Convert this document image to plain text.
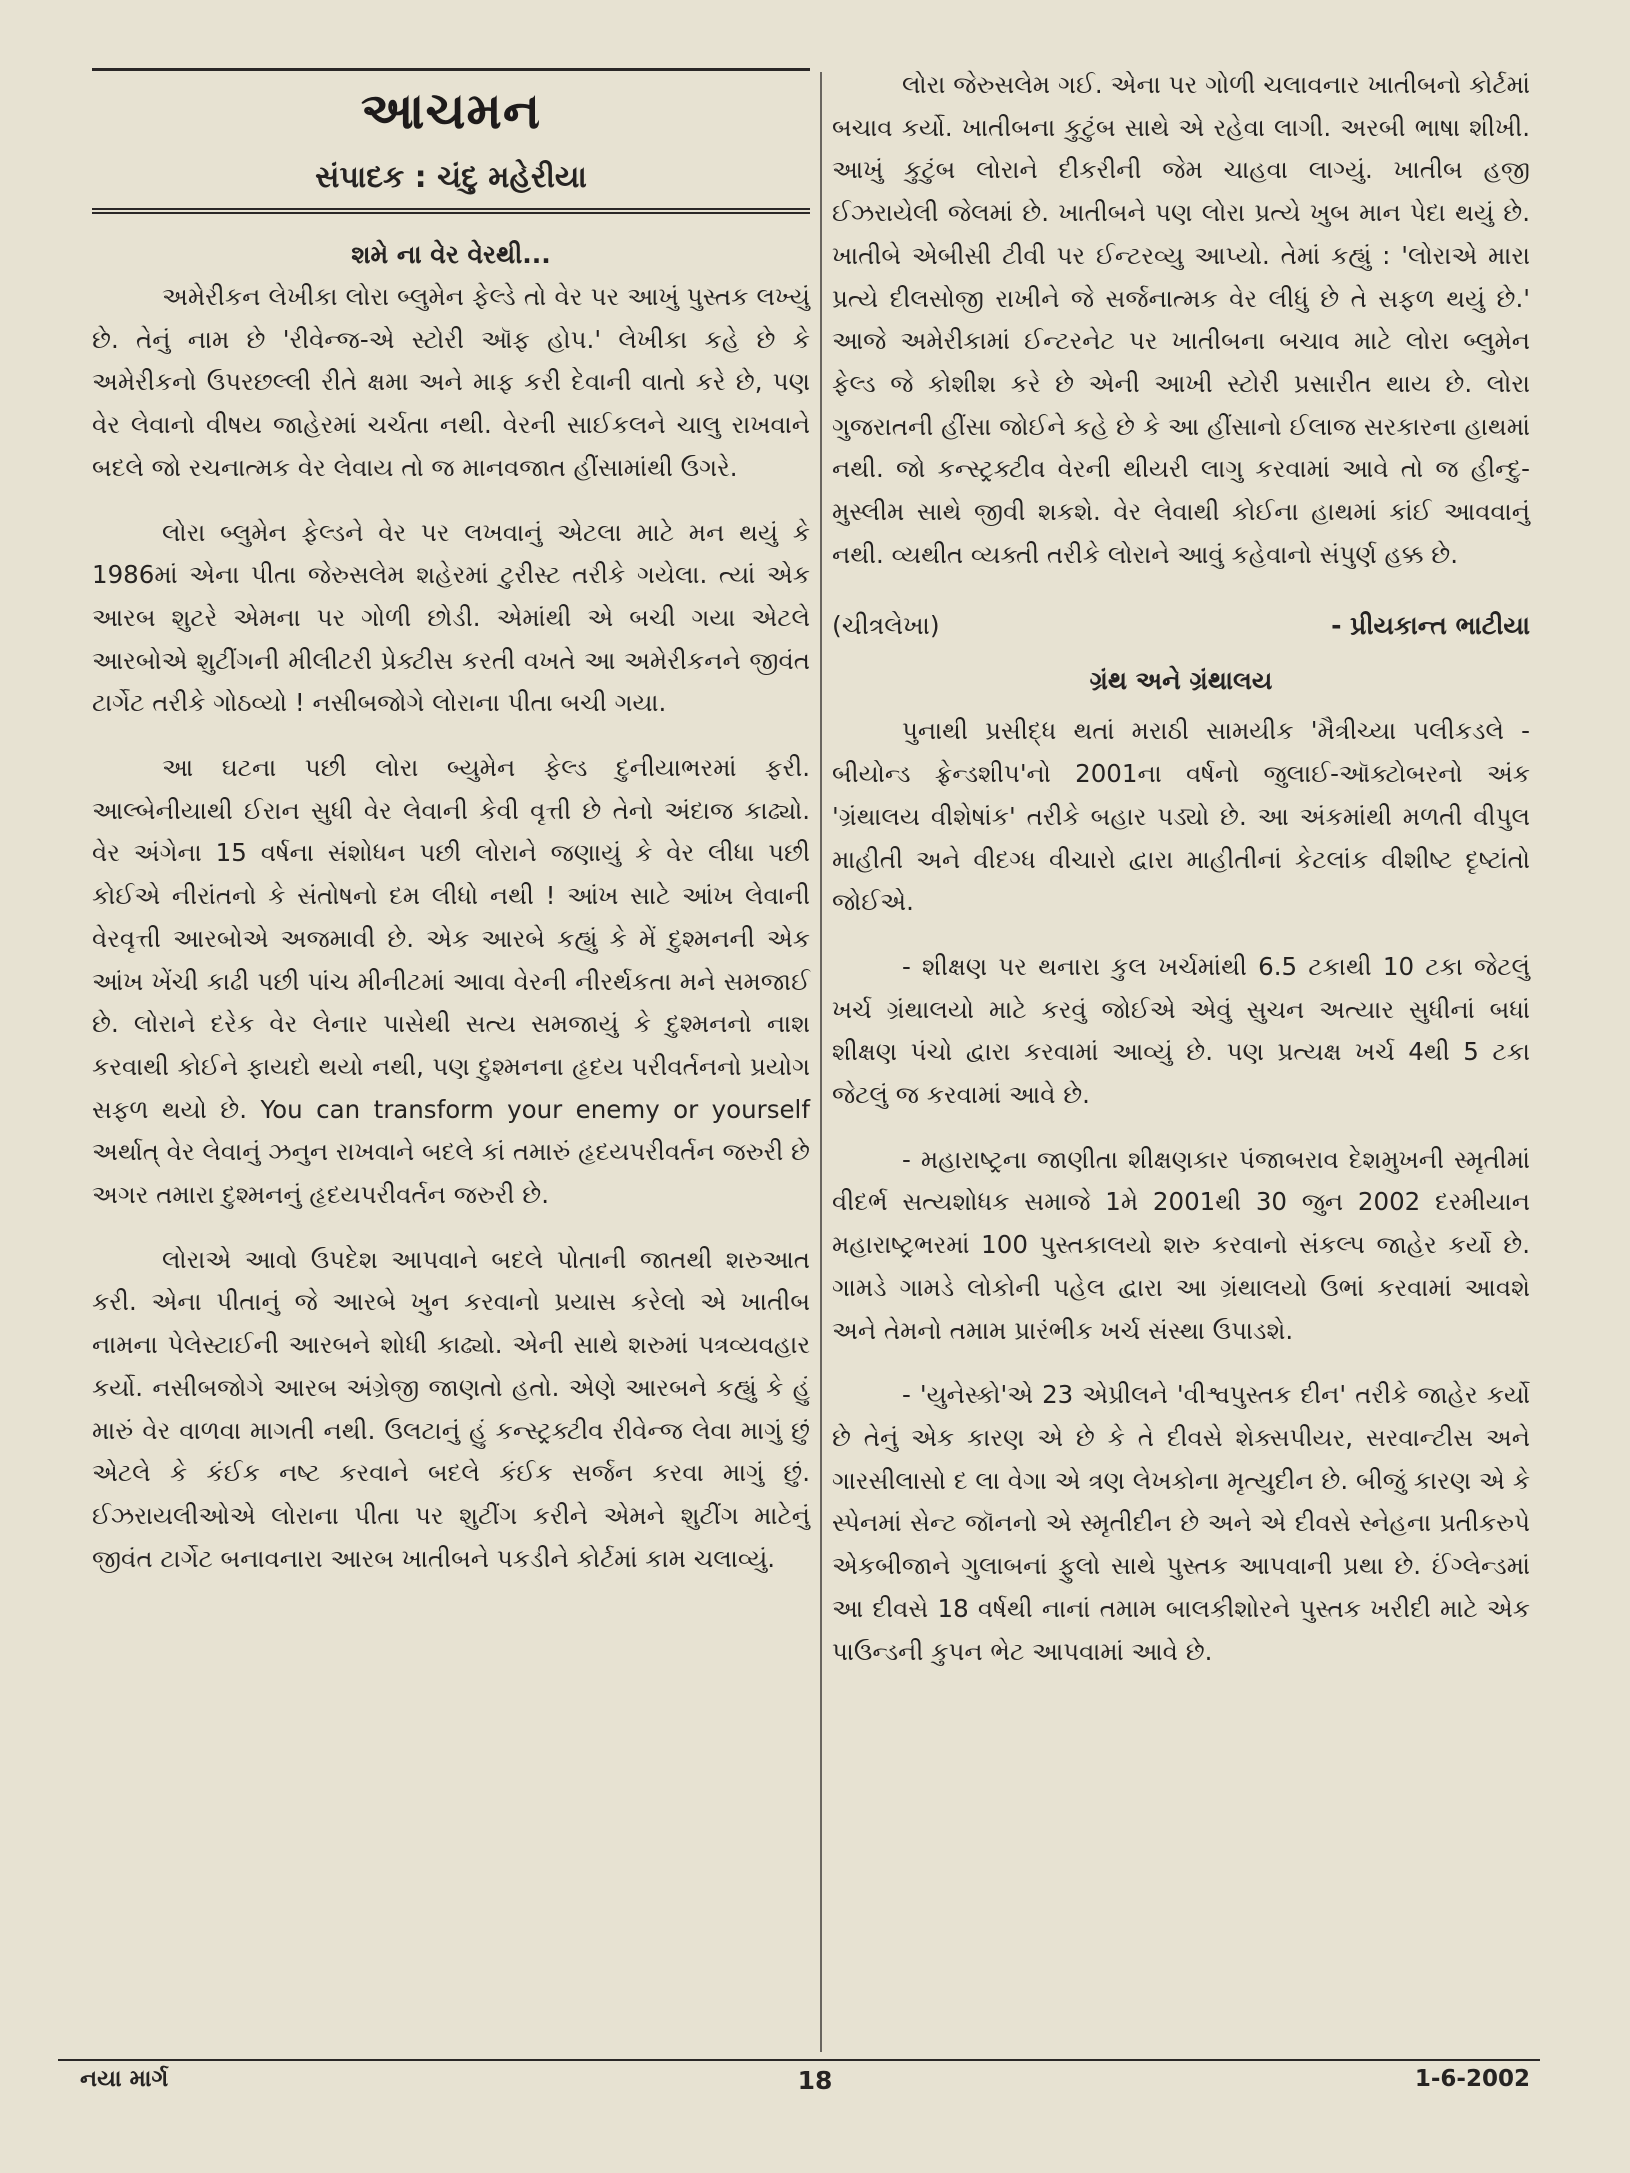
આચમન
સંપાદક : ચંદુ મહેરીયા
શમે ના વેર વેરથી...

અમેરીકન લેખીકા લોરા બ્લુમેન ફેલ્ડે તો વેર પર આખું પુસ્તક લખ્યું છે. તેનું નામ છે 'રીવેન્જ-એ સ્ટોરી ઑફ હોપ.' લેખીકા કહે છે કે અમેરીકનો ઉપરછલ્લી રીતે ક્ષમા અને માફ કરી દેવાની વાતો કરે છે, પણ વેર લેવાનો વીષય જાહેરમાં ચર્ચતા નથી. વેરની સાઈકલને ચાલુ રાખવાને બદલે જો રચનાત્મક વેર લેવાય તો જ માનવજાત હીંસામાંથી ઉગરે.

લોરા બ્લુમેન ફેલ્ડને વેર પર લખવાનું એટલા માટે મન થયું કે 1986માં એના પીતા જેરુસલેમ શહેરમાં ટુરીસ્ટ તરીકે ગયેલા. ત્યાં એક આરબ શુટરે એમના પર ગોળી છોડી. એમાંથી એ બચી ગયા એટલે આરબોએ શુટીંગની મીલીટરી પ્રેક્ટીસ કરતી વખતે આ અમેરીકનને જીવંત ટાર્ગેટ તરીકે ગોઠવ્યો ! નસીબજોગે લોરાના પીતા બચી ગયા.

આ ઘટના પછી લોરા બ્યુમેન ફેલ્ડ દુનીયાભરમાં ફરી. આલ્બેનીયાથી ઈરાન સુધી વેર લેવાની કેવી વૃત્તી છે તેનો અંદાજ કાઢ્યો. વેર અંગેના 15 વર્ષના સંશોધન પછી લોરાને જણાયું કે વેર લીધા પછી કોઈએ નીરાંતનો કે સંતોષનો દમ લીધો નથી ! આંખ સાટે આંખ લેવાની વેરવૃત્તી આરબોએ અજમાવી છે. એક આરબે કહ્યું કે મેં દુશ્મનની એક આંખ ખેંચી કાઢી પછી પાંચ મીનીટમાં આવા વેરની નીરર્થકતા મને સમજાઈ છે. લોરાને દરેક વેર લેનાર પાસેથી સત્ય સમજાયું કે દુશ્મનનો નાશ કરવાથી કોઈને ફાયદો થયો નથી, પણ દુશ્મનના હૃદય પરીવર્તનનો પ્રયોગ સફળ થયો છે. You can transform your enemy or yourself અર્થાત્ વેર લેવાનું ઝનુન રાખવાને બદલે કાં તમારું હૃદયપરીવર્તન જરુરી છે અગર તમારા દુશ્મનનું હૃદયપરીવર્તન જરુરી છે.

લોરાએ આવો ઉપદેશ આપવાને બદલે પોતાની જાતથી શરુઆત કરી. એના પીતાનું જે આરબે ખુન કરવાનો પ્રયાસ કરેલો એ ખાતીબ નામના પેલેસ્ટાઈની આરબને શોધી કાઢ્યો. એની સાથે શરુમાં પત્રવ્યવહાર કર્યો. નસીબજોગે આરબ અંગ્રેજી જાણતો હતો. એણે આરબને કહ્યું કે હું મારું વેર વાળવા માગતી નથી. ઉલટાનું હું કન્સ્ટ્રક્ટીવ રીવેન્જ લેવા માગું છું એટલે કે કંઈક નષ્ટ કરવાને બદલે કંઈક સર્જન કરવા માગું છું. ઈઝરાયલીઓએ લોરાના પીતા પર શુટીંગ કરીને એમને શુટીંગ માટેનું જીવંત ટાર્ગેટ બનાવનારા આરબ ખાતીબને પકડીને કોર્ટમાં કામ ચલાવ્યું.

લોરા જેરુસલેમ ગઈ. એના પર ગોળી ચલાવનાર ખાતીબનો કોર્ટમાં બચાવ કર્યો. ખાતીબના કુટુંબ સાથે એ રહેવા લાગી. અરબી ભાષા શીખી. આખું કુટુંબ લોરાને દીકરીની જેમ ચાહવા લાગ્યું. ખાતીબ હજી ઈઝરાયેલી જેલમાં છે. ખાતીબને પણ લોરા પ્રત્યે ખુબ માન પેદા થયું છે. ખાતીબે એબીસી ટીવી પર ઈન્ટરવ્યુ આપ્યો. તેમાં કહ્યું : 'લોરાએ મારા પ્રત્યે દીલસોજી રાખીને જે સર્જનાત્મક વેર લીધું છે તે સફળ થયું છે.' આજે અમેરીકામાં ઈન્ટરનેટ પર ખાતીબના બચાવ માટે લોરા બ્લુમેન ફેલ્ડ જે કોશીશ કરે છે એની આખી સ્ટોરી પ્રસારીત થાય છે. લોરા ગુજરાતની હીંસા જોઈને કહે છે કે આ હીંસાનો ઈલાજ સરકારના હાથમાં નથી. જો કન્સ્ટ્રક્ટીવ વેરની થીયરી લાગુ કરવામાં આવે તો જ હીન્દુ-મુસ્લીમ સાથે જીવી શકશે. વેર લેવાથી કોઈના હાથમાં કાંઈ આવવાનું નથી. વ્યથીત વ્યક્તી તરીકે લોરાને આવું કહેવાનો સંપુર્ણ હક્ક છે.

(ચીત્રલેખા)	- પ્રીયકાન્ત ભાટીયા
ગ્રંથ અને ગ્રંથાલય

પુનાથી પ્રસીદ્ધ થતાં મરાઠી સામયીક 'મૈત્રીચ્યા પલીકડલે - બીયોન્ડ ફ્રેન્ડશીપ'નો 2001ના વર્ષનો જુલાઈ-ઑક્ટોબરનો અંક 'ગ્રંથાલય વીશેષાંક' તરીકે બહાર પડ્યો છે. આ અંકમાંથી મળતી વીપુલ માહીતી અને વીદગ્ધ વીચારો દ્વારા માહીતીનાં કેટલાંક વીશીષ્ટ દૃષ્ટાંતો જોઈએ.

- શીક્ષણ પર થનારા કુલ ખર્ચમાંથી 6.5 ટકાથી 10 ટકા જેટલું ખર્ચ ગ્રંથાલયો માટે કરવું જોઈએ એવું સુચન અત્યાર સુધીનાં બધાં શીક્ષણ પંચો દ્વારા કરવામાં આવ્યું છે. પણ પ્રત્યક્ષ ખર્ચ 4થી 5 ટકા જેટલું જ કરવામાં આવે છે.

- મહારાષ્ટ્રના જાણીતા શીક્ષણકાર પંજાબરાવ દેશમુખની સ્મૃતીમાં વીદર્ભ સત્યશોધક સમાજે 1મે 2001થી 30 જુન 2002 દરમીયાન મહારાષ્ટ્રભરમાં 100 પુસ્તકાલયો શરુ કરવાનો સંકલ્પ જાહેર કર્યો છે. ગામડે ગામડે લોકોની પહેલ દ્વારા આ ગ્રંથાલયો ઉભાં કરવામાં આવશે અને તેમનો તમામ પ્રારંભીક ખર્ચ સંસ્થા ઉપાડશે.

- 'યુનેસ્કો'એ 23 એપ્રીલને 'વીશ્વપુસ્તક દીન' તરીકે જાહેર કર્યો છે તેનું એક કારણ એ છે કે તે દીવસે શેક્સપીયર, સરવાન્ટીસ અને ગારસીલાસો દ લા વેગા એ ત્રણ લેખકોના મૃત્યુદીન છે. બીજું કારણ એ કે સ્પેનમાં સેન્ટ જૉનનો એ સ્મૃતીદીન છે અને એ દીવસે સ્નેહના પ્રતીકરુપે એકબીજાને ગુલાબનાં ફુલો સાથે પુસ્તક આપવાની પ્રથા છે. ઈંગ્લેન્ડમાં આ દીવસે 18 વર્ષથી નાનાં તમામ બાલકીશોરને પુસ્તક ખરીદી માટે એક પાઉન્ડની કુપન ભેટ આપવામાં આવે છે.

નયા માર્ગ	18	1-6-2002
